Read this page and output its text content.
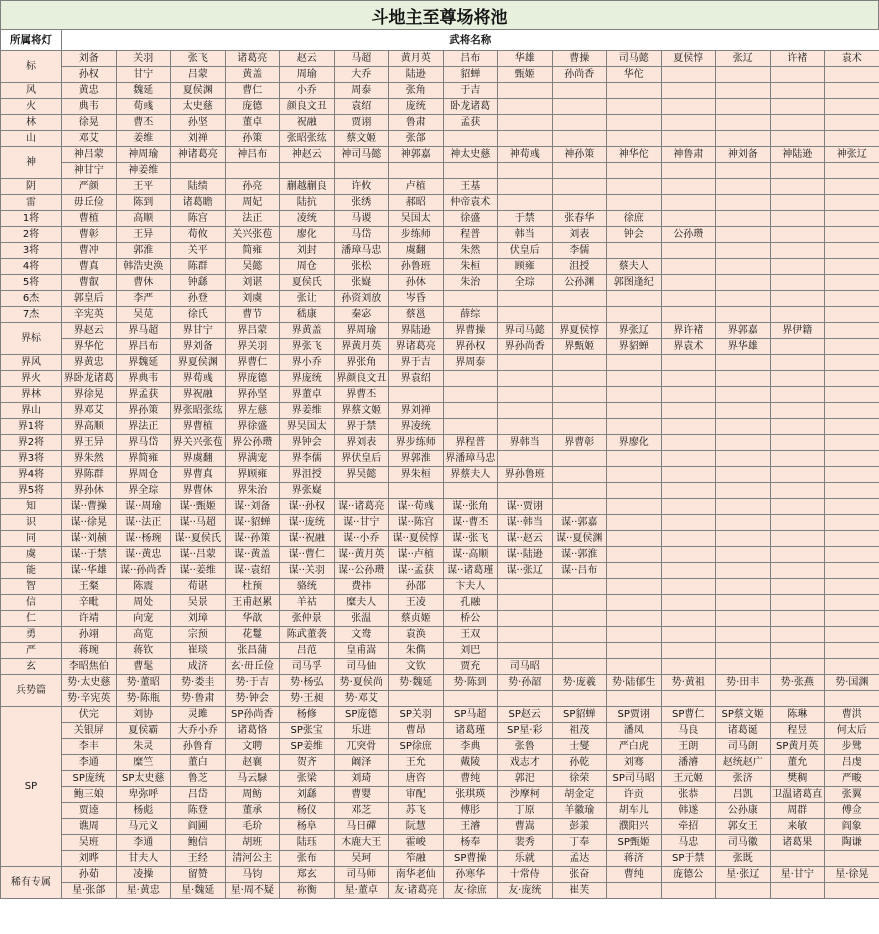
斗地主至尊场将池
所属将灯	武将名称														
标	刘备	关羽	张飞	诸葛亮	赵云	马超	黄月英	吕布	华雄	曹操	司马懿	夏侯惇	张辽	许褚	袁术
	孙权	甘宁	吕蒙	黄盖	周瑜	大乔	陆逊	貂蝉	甄姬	孙尚香	华佗				
风	黄忠	魏延	夏侯渊	曹仁	小乔	周泰	张角	于吉							
火	典韦	荀彧	太史慈	庞德	颜良文丑	袁绍	庞统	卧龙诸葛							
林	徐晃	曹丕	孙坚	董卓	祝融	贾诩	鲁肃	孟获							
山	邓艾	姜维	刘禅	孙策	张昭张纮	蔡文姬	张郃								
神	神吕蒙	神周瑜	神诸葛亮	神吕布	神赵云	神司马懿	神郭嘉	神太史慈	神荀彧	神孙策	神华佗	神鲁肃	神刘备	神陆逊	神张辽
	神甘宁	神姜维													
阴	严颜	王平	陆绩	孙亮	蒯越蒯良	许攸	卢植	王基							
雷	毋丘俭	陈到	诸葛瞻	周妃	陆抗	张绣	郝昭	仲帝袁术							
1将	曹植	高顺	陈宫	法正	凌统	马谡	吴国太	徐盛	于禁	张春华	徐庶				
2将	曹彰	王异	荀攸	关兴张苞	廖化	马岱	步练师	程普	韩当	刘表	钟会	公孙瓒			
3将	曹冲	郭淮	关平	简雍	刘封	潘璋马忠	虞翻	朱然	伏皇后	李儒					
4将	曹真	韩浩史涣	陈群	吴懿	周仓	张松	孙鲁班	朱桓	顾雍	沮授	蔡夫人				
5将	曹叡	曹休	钟繇	刘谌	夏侯氏	张嶷	孙休	朱治	全琮	公孙渊	郭图逢纪				
6杰	郭皇后	李严	孙登	刘虞	张让	孙资刘放	岑昏								
7杰	辛宪英	吴苋	徐氏	曹节	嵇康	秦宓	蔡邕	薛综							
界标	界赵云	界马超	界甘宁	界吕蒙	界黄盖	界周瑜	界陆逊	界曹操	界司马懿	界夏侯惇	界张辽	界许褚	界郭嘉	界伊籍	
	界华佗	界吕布	界刘备	界关羽	界张飞	界黄月英	界诸葛亮	界孙权	界孙尚香	界甄姬	界貂蝉	界袁术	界华雄		
界风	界黄忠	界魏延	界夏侯渊	界曹仁	界小乔	界张角	界于吉	界周泰							
界火	界卧龙诸葛	界典韦	界荀彧	界庞德	界庞统	界颜良文丑	界袁绍								
界林	界徐晃	界孟获	界祝融	界孙坚	界董卓	界曹丕									
界山	界邓艾	界孙策	界张昭张纮	界左慈	界姜维	界蔡文姬	界刘禅								
界1将	界高顺	界法正	界曹植	界徐盛	界吴国太	界于禁	界凌统								
界2将	界王异	界马岱	界关兴张苞	界公孙瓒	界钟会	界刘表	界步练师	界程普	界韩当	界曹彰	界廖化				
界3将	界朱然	界简雍	界虞翻	界满宠	界李儒	界伏皇后	界郭淮	界潘璋马忠							
界4将	界陈群	界周仓	界曹真	界顾雍	界沮授	界吴懿	界朱桓	界蔡夫人	界孙鲁班						
界5将	界孙休	界全琮	界曹休	界朱治	界张嶷										
知	谋··曹操	谋··周瑜	谋··甄姬	谋··刘备	谋··孙权	谋··诸葛亮	谋··荀彧	谋··张角	谋··贾诩						
识	谋··徐晃	谋··法正	谋··马超	谋··貂蝉	谋··庞统	谋··甘宁	谋··陈宫	谋··曹丕	谋··韩当	谋··郭嘉					
同	谋··刘赪	谋··杨琬	谋··夏侯氏	谋··孙策	谋··祝融	谋··小乔	谋··夏侯惇	谋··张飞	谋··赵云	谋··夏侯渊					
虞	谋··于禁	谋··黄忠	谋··吕蒙	谋··黄盖	谋··曹仁	谋··黄月英	谋··卢植	谋··高顺	谋··陆逊	谋··郭淮					
能	谋··华雄	谋··孙尚香	谋··姜维	谋··袁绍	谋··关羽	谋··公孙瓒	谋··孟获	谋··诸葛瑾	谋··张辽	谋··吕布					
智	王粲	陈震	荀谌	杜预	骆统	费祎	孙邵	卞夫人							
信	辛毗	周处	吴景	王甫赵累	羊祜	糜夫人	王凌	孔融							
仁	许靖	向宠	刘璋	华歆	张仲景	张温	蔡贞姬	桥公							
勇	孙翊	高览	宗预	花鬘	陈武董袭	文鸯	袁涣	王双							
严	蒋琬	蒋钦	崔琰	张昌蒲	吕范	皇甫嵩	朱儁	刘巴							
玄	李昭焦伯	曹髦	成济	玄·毌丘俭	司马孚	司马伷	文钦	贾充	司马昭						
兵势篇	势·太史慈	势·董昭	势·娄圭	势·于吉	势·杨弘	势·夏侯尚	势·魏延	势·陈到	势·孙韶	势·庞羲	势·陆郁生	势·黄祖	势·田丰	势·张燕	势·国渊
	势·辛宪英	势·陈瓶	势·鲁肃	势·钟会	势·王昶	势·邓艾									
SP	伏完	刘协	灵雎	SP孙尚香	杨修	SP庞德	SP关羽	SP马超	SP赵云	SP貂蝉	SP贾诩	SP曹仁	SP蔡文姬	陈琳	曹洪
	关银屏	夏侯霸	大乔小乔	诸葛恪	SP张宝	乐进	曹昂	诸葛瑾	SP星·彩	祖茂	潘凤	马良	诸葛诞	程昱	何太后
	李丰	朱灵	孙鲁育	文聘	SP姜维	兀突骨	SP徐庶	李典	张鲁	士燮	严白虎	王朗	司马朗	SP黄月英	步骘
	李通	糜竺	董白	赵襄	贺齐	阚泽	王允	戴陵	戏志才	孙乾	刘骞	潘濬	赵统赵广	董允	吕虔
	SP庞统	SP太史慈	鲁芝	马云騄	张梁	刘琦	唐咨	曹纯	郭汜	徐荣	SP司马昭	王元姬	张济	樊稠	严畯
	鲍三娘	卑弥呼	吕岱	周鲂	刘繇	曹婴	审配	张琪瑛	沙摩柯	胡金定	许贡	张恭	吕凯	卫温诸葛直	张翼
	贾逵	杨彪	陈登	董承	杨仪	邓芝	苏飞	傅肜	丁原	羊徽瑜	胡车儿	韩遂	公孙康	周群	傅佥
	谯周	马元义	阎圃	毛玠	杨阜	马日磾	阮慧	王濬	曹嵩	彭羕	濮阳兴	牵招	郭女王	来敏	阎象
	吴班	李通	鲍信	胡班	陆珏	木鹿大王	霍峻	杨奉	裴秀	丁奉	SP甄姬	马忠	司马徽	诸葛果	陶谦
	刘晔	甘夫人	王经	清河公主	张布	吴珂	笮融	SP曹操	乐就	孟达	蒋济	SP于禁	张既		
稀有专属	孙茹	凌操	留赞	马钧	郑玄	司马师	南华老仙	孙寒华	十常侍	张奋	曹纯	庞德公	星·张辽	星·甘宁	星·徐晃
	星·张郃	星·黄忠	星·魏延	星·周不疑	祢衡	星·董卓	友·诸葛亮	友·徐庶	友·庞统	崔芙					
